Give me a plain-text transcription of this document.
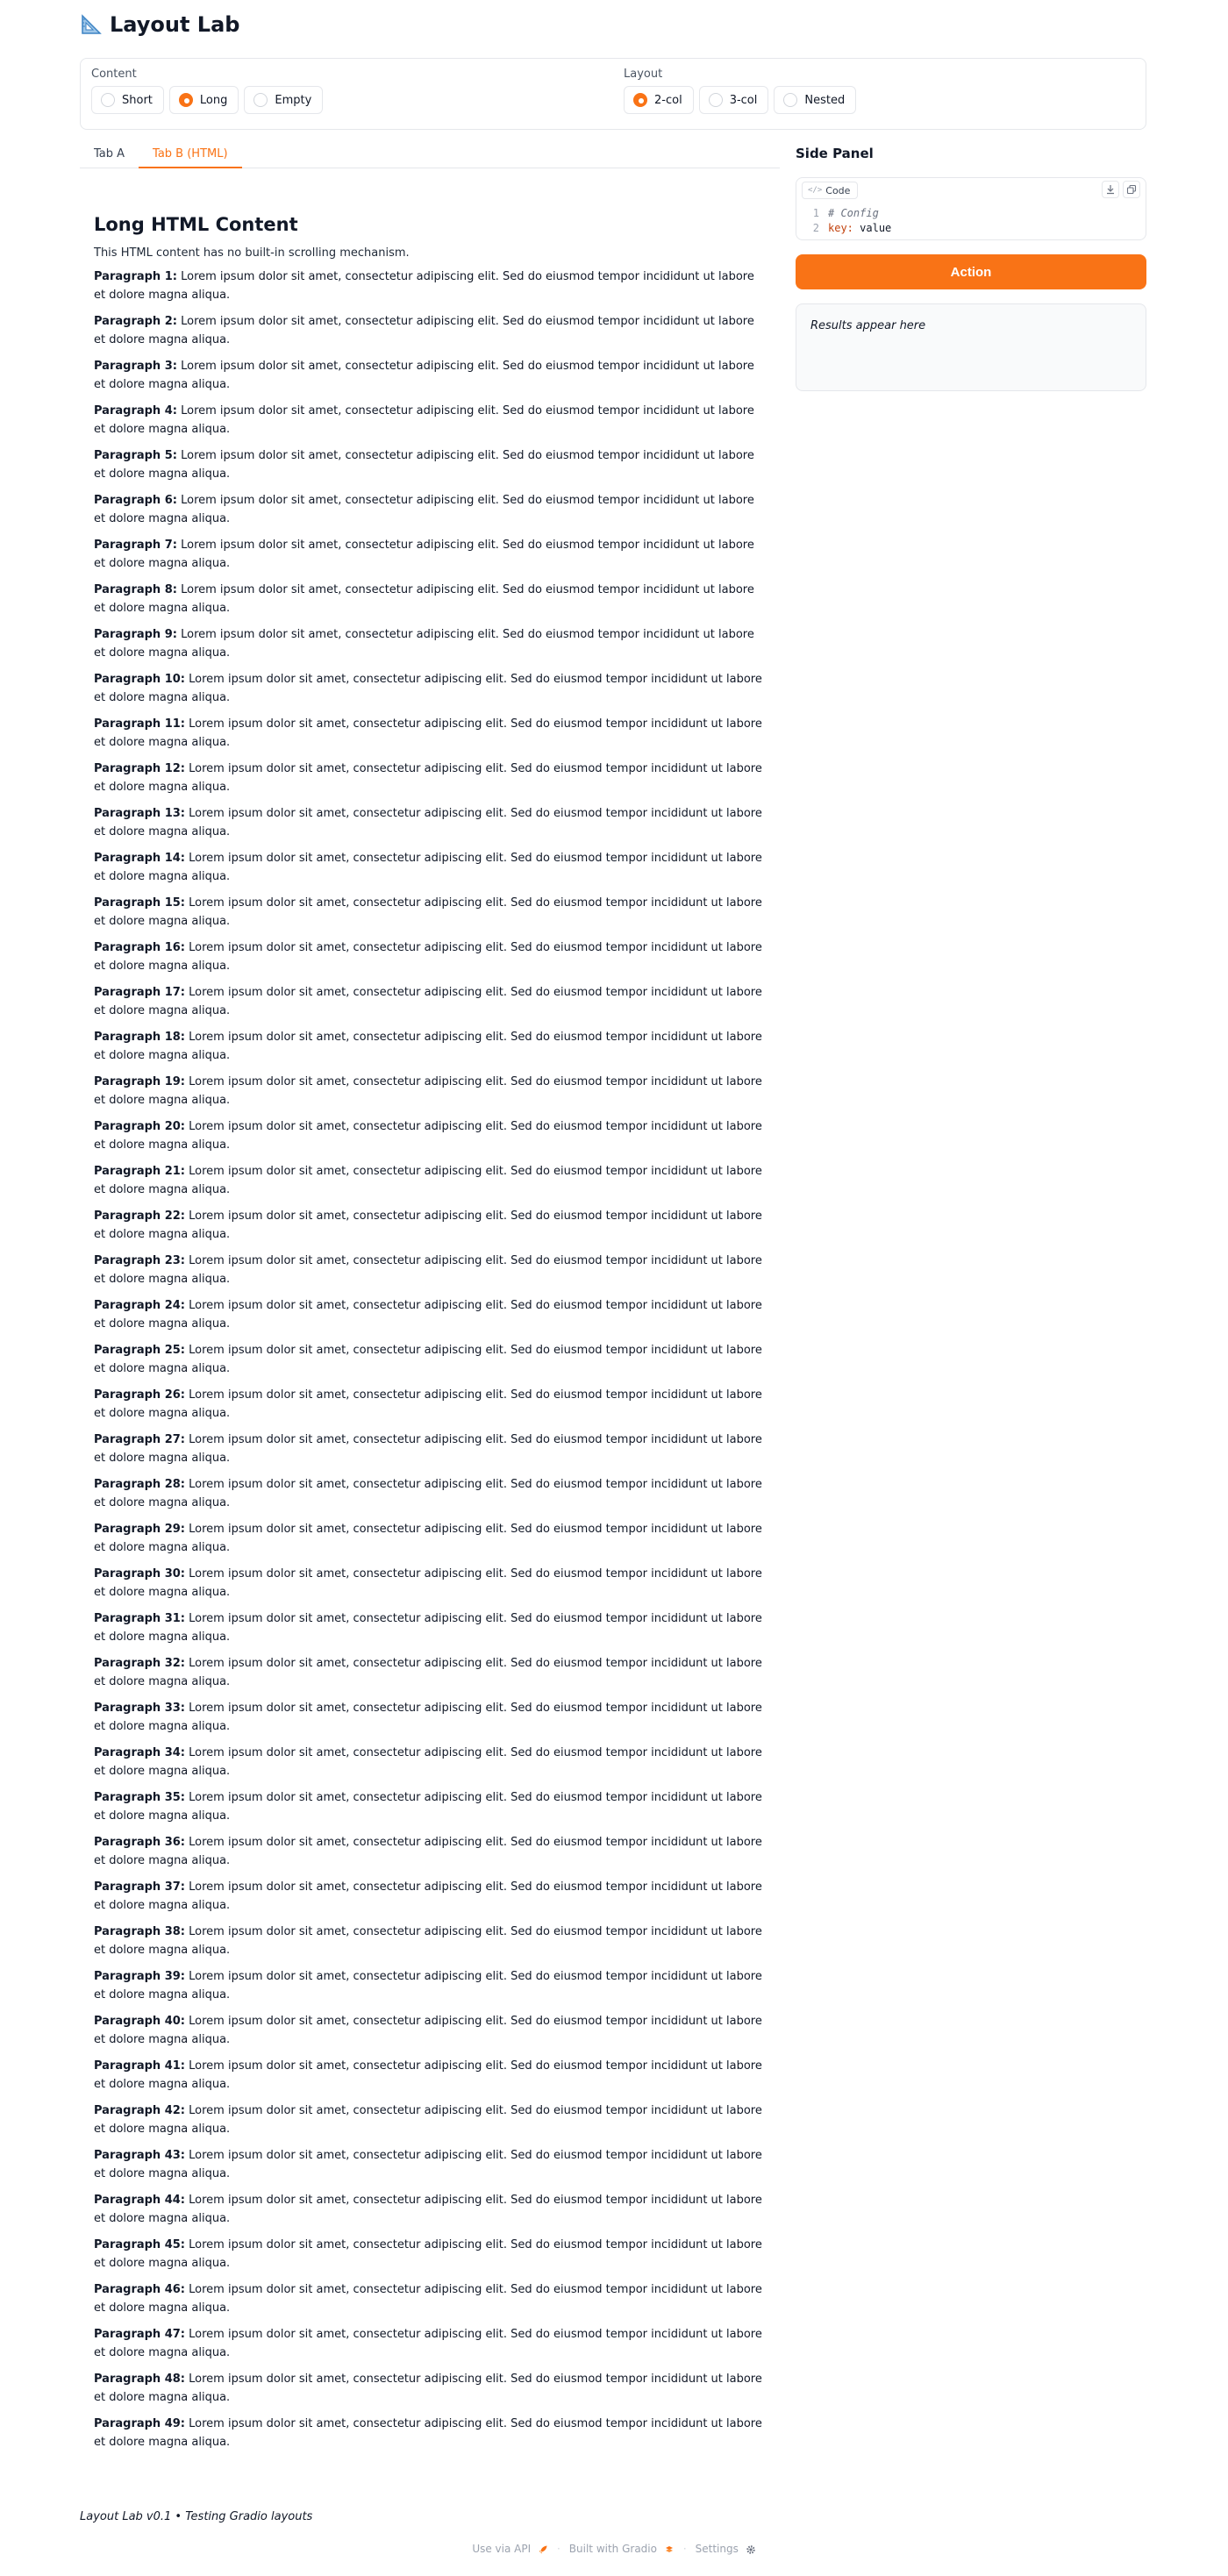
Layout Lab
Content
Short	Long	Empty
Layout
2-col	3-col	Nested
Tab A	Tab B (HTML)
Long HTML Content

This HTML content has no built-in scrolling mechanism.

Paragraph 1: Lorem ipsum dolor sit amet, consectetur adipiscing elit. Sed do eiusmod tempor incididunt ut labore et dolore magna aliqua.

Paragraph 2: Lorem ipsum dolor sit amet, consectetur adipiscing elit. Sed do eiusmod tempor incididunt ut labore et dolore magna aliqua.

Paragraph 3: Lorem ipsum dolor sit amet, consectetur adipiscing elit. Sed do eiusmod tempor incididunt ut labore et dolore magna aliqua.

Paragraph 4: Lorem ipsum dolor sit amet, consectetur adipiscing elit. Sed do eiusmod tempor incididunt ut labore et dolore magna aliqua.

Paragraph 5: Lorem ipsum dolor sit amet, consectetur adipiscing elit. Sed do eiusmod tempor incididunt ut labore et dolore magna aliqua.

Paragraph 6: Lorem ipsum dolor sit amet, consectetur adipiscing elit. Sed do eiusmod tempor incididunt ut labore et dolore magna aliqua.

Paragraph 7: Lorem ipsum dolor sit amet, consectetur adipiscing elit. Sed do eiusmod tempor incididunt ut labore et dolore magna aliqua.

Paragraph 8: Lorem ipsum dolor sit amet, consectetur adipiscing elit. Sed do eiusmod tempor incididunt ut labore et dolore magna aliqua.

Paragraph 9: Lorem ipsum dolor sit amet, consectetur adipiscing elit. Sed do eiusmod tempor incididunt ut labore et dolore magna aliqua.

Paragraph 10: Lorem ipsum dolor sit amet, consectetur adipiscing elit. Sed do eiusmod tempor incididunt ut labore et dolore magna aliqua.

Paragraph 11: Lorem ipsum dolor sit amet, consectetur adipiscing elit. Sed do eiusmod tempor incididunt ut labore et dolore magna aliqua.

Paragraph 12: Lorem ipsum dolor sit amet, consectetur adipiscing elit. Sed do eiusmod tempor incididunt ut labore et dolore magna aliqua.

Paragraph 13: Lorem ipsum dolor sit amet, consectetur adipiscing elit. Sed do eiusmod tempor incididunt ut labore et dolore magna aliqua.

Paragraph 14: Lorem ipsum dolor sit amet, consectetur adipiscing elit. Sed do eiusmod tempor incididunt ut labore et dolore magna aliqua.

Paragraph 15: Lorem ipsum dolor sit amet, consectetur adipiscing elit. Sed do eiusmod tempor incididunt ut labore et dolore magna aliqua.

Paragraph 16: Lorem ipsum dolor sit amet, consectetur adipiscing elit. Sed do eiusmod tempor incididunt ut labore et dolore magna aliqua.

Paragraph 17: Lorem ipsum dolor sit amet, consectetur adipiscing elit. Sed do eiusmod tempor incididunt ut labore et dolore magna aliqua.

Paragraph 18: Lorem ipsum dolor sit amet, consectetur adipiscing elit. Sed do eiusmod tempor incididunt ut labore et dolore magna aliqua.

Paragraph 19: Lorem ipsum dolor sit amet, consectetur adipiscing elit. Sed do eiusmod tempor incididunt ut labore et dolore magna aliqua.

Paragraph 20: Lorem ipsum dolor sit amet, consectetur adipiscing elit. Sed do eiusmod tempor incididunt ut labore et dolore magna aliqua.

Paragraph 21: Lorem ipsum dolor sit amet, consectetur adipiscing elit. Sed do eiusmod tempor incididunt ut labore et dolore magna aliqua.

Paragraph 22: Lorem ipsum dolor sit amet, consectetur adipiscing elit. Sed do eiusmod tempor incididunt ut labore et dolore magna aliqua.

Paragraph 23: Lorem ipsum dolor sit amet, consectetur adipiscing elit. Sed do eiusmod tempor incididunt ut labore et dolore magna aliqua.

Paragraph 24: Lorem ipsum dolor sit amet, consectetur adipiscing elit. Sed do eiusmod tempor incididunt ut labore et dolore magna aliqua.

Paragraph 25: Lorem ipsum dolor sit amet, consectetur adipiscing elit. Sed do eiusmod tempor incididunt ut labore et dolore magna aliqua.

Paragraph 26: Lorem ipsum dolor sit amet, consectetur adipiscing elit. Sed do eiusmod tempor incididunt ut labore et dolore magna aliqua.

Paragraph 27: Lorem ipsum dolor sit amet, consectetur adipiscing elit. Sed do eiusmod tempor incididunt ut labore et dolore magna aliqua.

Paragraph 28: Lorem ipsum dolor sit amet, consectetur adipiscing elit. Sed do eiusmod tempor incididunt ut labore et dolore magna aliqua.

Paragraph 29: Lorem ipsum dolor sit amet, consectetur adipiscing elit. Sed do eiusmod tempor incididunt ut labore et dolore magna aliqua.

Paragraph 30: Lorem ipsum dolor sit amet, consectetur adipiscing elit. Sed do eiusmod tempor incididunt ut labore et dolore magna aliqua.

Paragraph 31: Lorem ipsum dolor sit amet, consectetur adipiscing elit. Sed do eiusmod tempor incididunt ut labore et dolore magna aliqua.

Paragraph 32: Lorem ipsum dolor sit amet, consectetur adipiscing elit. Sed do eiusmod tempor incididunt ut labore et dolore magna aliqua.

Paragraph 33: Lorem ipsum dolor sit amet, consectetur adipiscing elit. Sed do eiusmod tempor incididunt ut labore et dolore magna aliqua.

Paragraph 34: Lorem ipsum dolor sit amet, consectetur adipiscing elit. Sed do eiusmod tempor incididunt ut labore et dolore magna aliqua.

Paragraph 35: Lorem ipsum dolor sit amet, consectetur adipiscing elit. Sed do eiusmod tempor incididunt ut labore et dolore magna aliqua.

Paragraph 36: Lorem ipsum dolor sit amet, consectetur adipiscing elit. Sed do eiusmod tempor incididunt ut labore et dolore magna aliqua.

Paragraph 37: Lorem ipsum dolor sit amet, consectetur adipiscing elit. Sed do eiusmod tempor incididunt ut labore et dolore magna aliqua.

Paragraph 38: Lorem ipsum dolor sit amet, consectetur adipiscing elit. Sed do eiusmod tempor incididunt ut labore et dolore magna aliqua.

Paragraph 39: Lorem ipsum dolor sit amet, consectetur adipiscing elit. Sed do eiusmod tempor incididunt ut labore et dolore magna aliqua.

Paragraph 40: Lorem ipsum dolor sit amet, consectetur adipiscing elit. Sed do eiusmod tempor incididunt ut labore et dolore magna aliqua.

Paragraph 41: Lorem ipsum dolor sit amet, consectetur adipiscing elit. Sed do eiusmod tempor incididunt ut labore et dolore magna aliqua.

Paragraph 42: Lorem ipsum dolor sit amet, consectetur adipiscing elit. Sed do eiusmod tempor incididunt ut labore et dolore magna aliqua.

Paragraph 43: Lorem ipsum dolor sit amet, consectetur adipiscing elit. Sed do eiusmod tempor incididunt ut labore et dolore magna aliqua.

Paragraph 44: Lorem ipsum dolor sit amet, consectetur adipiscing elit. Sed do eiusmod tempor incididunt ut labore et dolore magna aliqua.

Paragraph 45: Lorem ipsum dolor sit amet, consectetur adipiscing elit. Sed do eiusmod tempor incididunt ut labore et dolore magna aliqua.

Paragraph 46: Lorem ipsum dolor sit amet, consectetur adipiscing elit. Sed do eiusmod tempor incididunt ut labore et dolore magna aliqua.

Paragraph 47: Lorem ipsum dolor sit amet, consectetur adipiscing elit. Sed do eiusmod tempor incididunt ut labore et dolore magna aliqua.

Paragraph 48: Lorem ipsum dolor sit amet, consectetur adipiscing elit. Sed do eiusmod tempor incididunt ut labore et dolore magna aliqua.

Paragraph 49: Lorem ipsum dolor sit amet, consectetur adipiscing elit. Sed do eiusmod tempor incididunt ut labore et dolore magna aliqua.

Side Panel
</> Code
1 # Config
2 key:
value
Action
Results appear here
Layout Lab v0.1 • Testing Gradio layouts
Use via API	· Built with Gradio	· Settings
